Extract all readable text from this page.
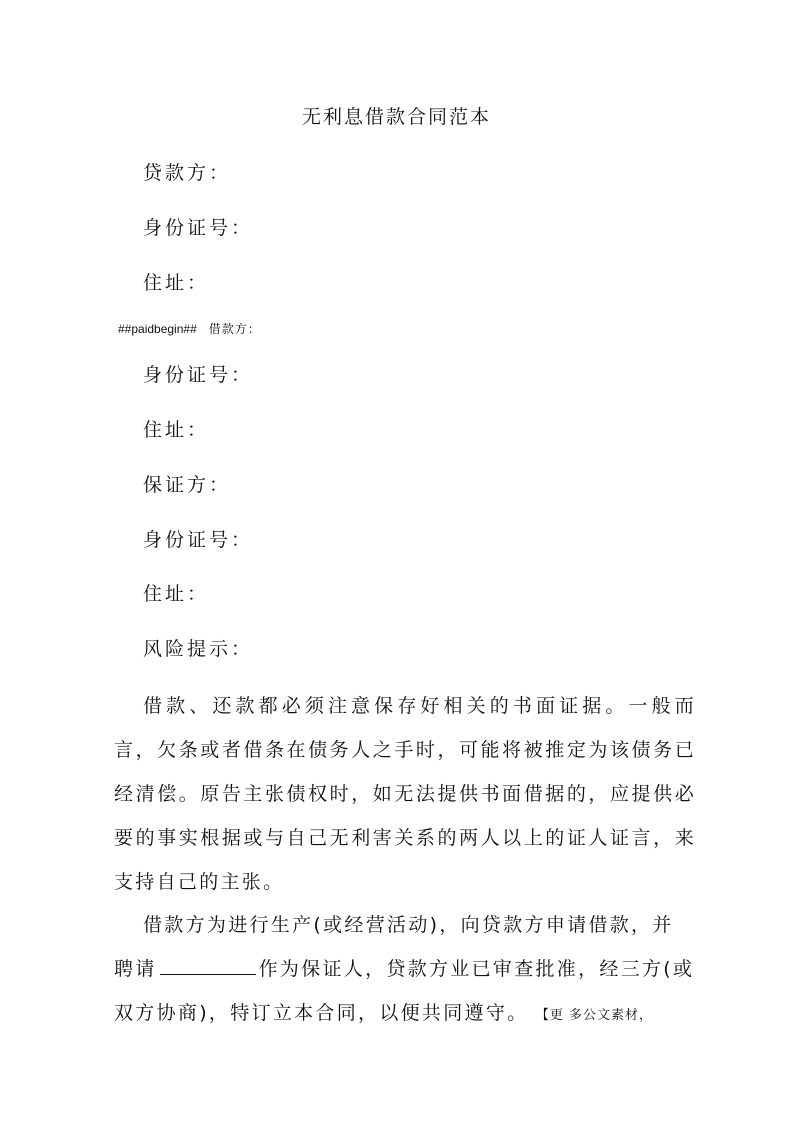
无利息借款合同范本
贷款方：
身份证号：
住址：
##paidbegin## 借款方：
身份证号：
住址：
保证方：
身份证号：
住址：
风险提示：

借款、还款都必须注意保存好相关的书面证据。一般而言，欠条或者借条在债务人之手时，可能将被推定为该债务已经清偿。原告主张债权时，如无法提供书面借据的，应提供必要的事实根据或与自己无利害关系的两人以上的证人证言，来支持自己的主张。

借款方为进行生产(或经营活动)，向贷款方申请借款，并
聘请	作为保证人，贷款方业已审查批准，经三方(或
双方协商)，特订立本合同，以便共同遵守。 【更 多公文素材，
